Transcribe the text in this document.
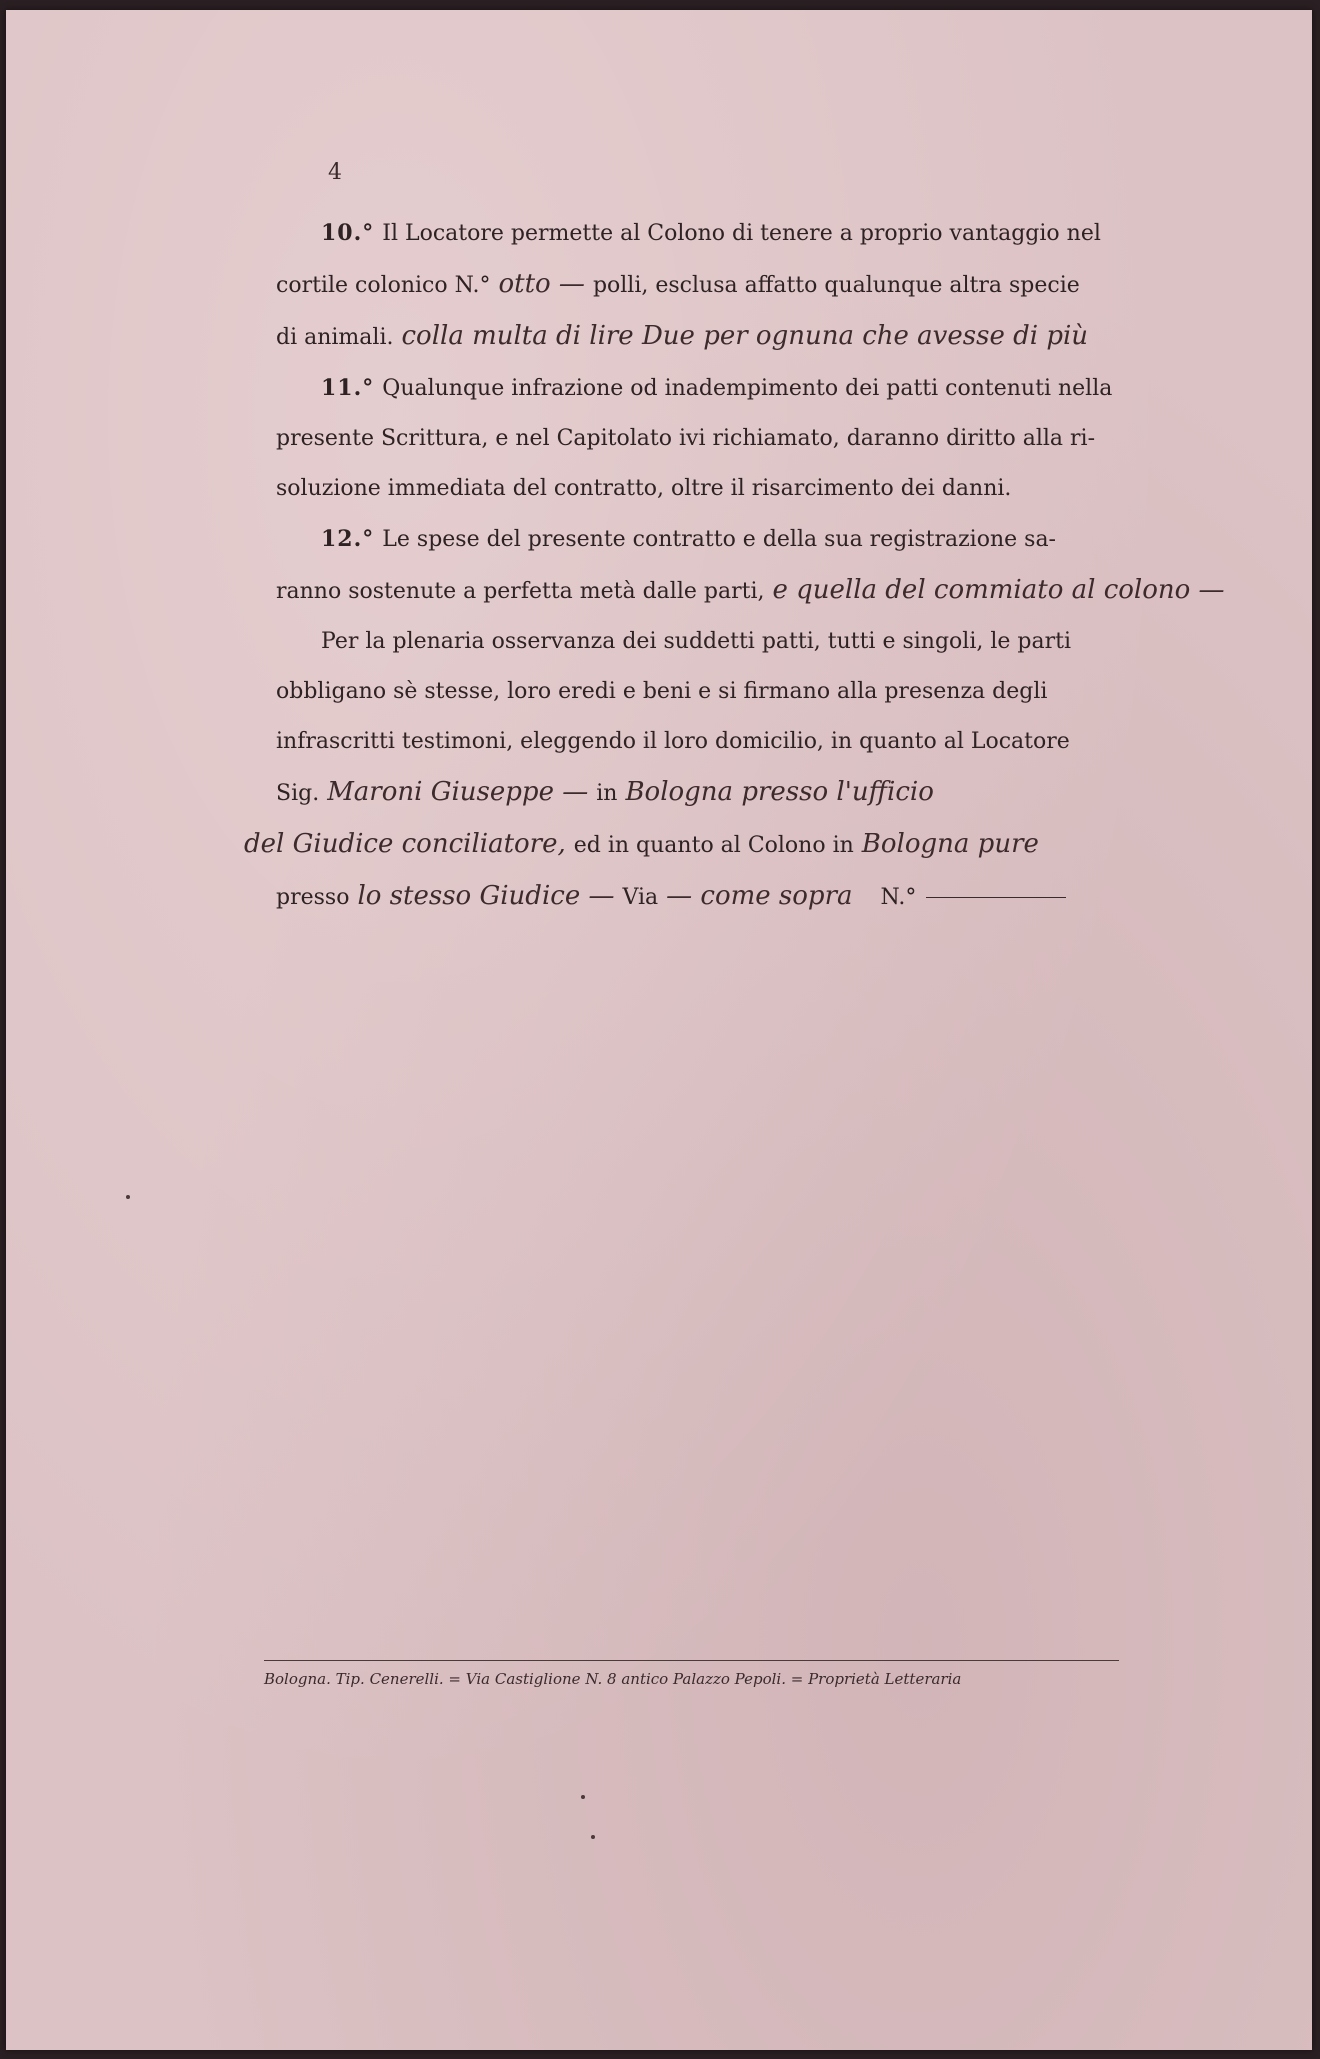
4
10.° Il Locatore permette al Colono di tenere a proprio vantaggio nel
cortile colonico N.° otto — polli, esclusa affatto qualunque altra specie
di animali. colla multa di lire Due per ognuna che avesse di più
11.° Qualunque infrazione od inadempimento dei patti contenuti nella
presente Scrittura, e nel Capitolato ivi richiamato, daranno diritto alla ri-
soluzione immediata del contratto, oltre il risarcimento dei danni.
12.° Le spese del presente contratto e della sua registrazione sa-
ranno sostenute a perfetta metà dalle parti, e quella del commiato al colono —
Per la plenaria osservanza dei suddetti patti, tutti e singoli, le parti
obbligano sè stesse, loro eredi e beni e si firmano alla presenza degli
infrascritti testimoni, eleggendo il loro domicilio, in quanto al Locatore
Sig. Maroni Giuseppe — in Bologna presso l'ufficio
del Giudice conciliatore, ed in quanto al Colono in Bologna pure
presso lo stesso Giudice — Via — come sopra N.°
Bologna. Tip. Cenerelli. = Via Castiglione N. 8 antico Palazzo Pepoli. = Proprietà Letteraria
